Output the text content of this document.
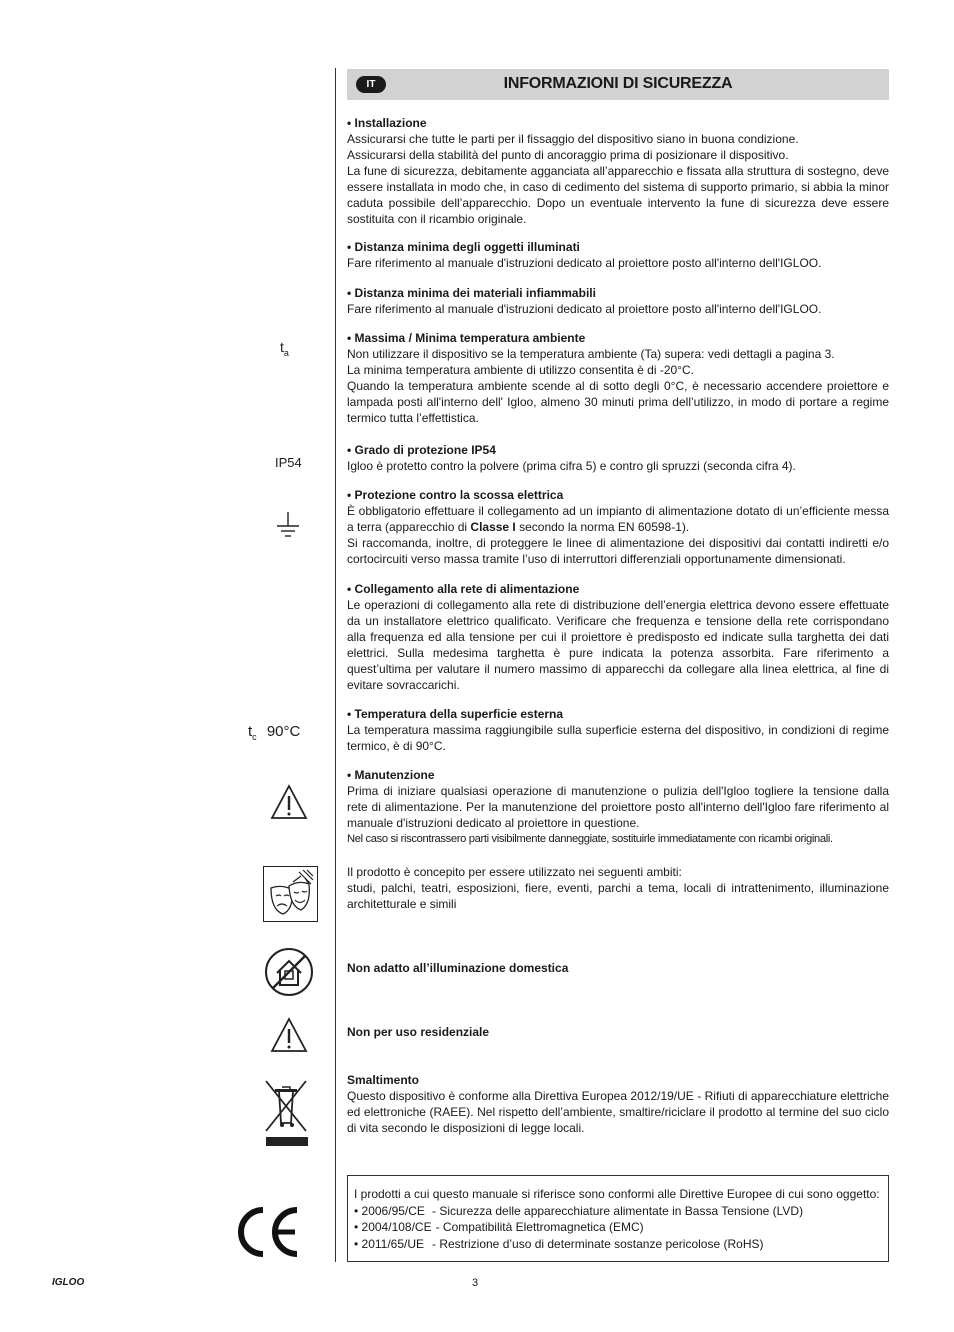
IT	INFORMAZIONI DI SICUREZZA
$t_a$
IP54
$t_c$ 90°C
• Installazione
Assicurarsi che tutte le parti per il fissaggio del dispositivo siano in buona condizione.
Assicurarsi della stabilità del punto di ancoraggio prima di posizionare il dispositivo.
La fune di sicurezza, debitamente agganciata all’apparecchio e fissata alla struttura di sostegno, deve essere installata in modo che, in caso di cedimento del sistema di supporto primario, si abbia la minor caduta possibile dell’apparecchio. Dopo un eventuale intervento la fune di sicurezza deve essere sostituita con il ricambio originale.
• Distanza minima degli oggetti illuminati
Fare riferimento al manuale d'istruzioni dedicato al proiettore posto all'interno dell'IGLOO.
• Distanza minima dei materiali infiammabili
Fare riferimento al manuale d'istruzioni dedicato al proiettore posto all'interno dell'IGLOO.
• Massima / Minima temperatura ambiente
Non utilizzare il dispositivo se la temperatura ambiente (Ta) supera: vedi dettagli a pagina 3.
La minima temperatura ambiente di utilizzo consentita è di -20°C.
Quando la temperatura ambiente scende al di sotto degli 0°C, è necessario accendere proiettore e lampada posti all'interno dell' Igloo, almeno 30 minuti prima dell’utilizzo, in modo di portare a regime termico tutta l’effettistica.
• Grado di protezione IP54
Igloo è protetto contro la polvere (prima cifra 5) e contro gli spruzzi (seconda cifra 4).
• Protezione contro la scossa elettrica
È obbligatorio effettuare il collegamento ad un impianto di alimentazione dotato di un’efficiente messa a terra (apparecchio di Classe I secondo la norma EN 60598-1).
Si raccomanda, inoltre, di proteggere le linee di alimentazione dei dispositivi dai contatti indiretti e/o cortocircuiti verso massa tramite l’uso di interruttori differenziali opportunamente dimensionati.
• Collegamento alla rete di alimentazione
Le operazioni di collegamento alla rete di distribuzione dell’energia elettrica devono essere effettuate da un installatore elettrico qualificato. Verificare che frequenza e tensione della rete corrispondano alla frequenza ed alla tensione per cui il proiettore è predisposto ed indicate sulla targhetta dei dati elettrici. Sulla medesima targhetta è pure indicata la potenza assorbita. Fare riferimento a quest’ultima per valutare il numero massimo di apparecchi da collegare alla linea elettrica, al fine di evitare sovraccarichi.
• Temperatura della superficie esterna
La temperatura massima raggiungibile sulla superficie esterna del dispositivo, in condizioni di regime termico, è di 90°C.
• Manutenzione
Prima di iniziare qualsiasi operazione di manutenzione o pulizia dell'Igloo togliere la tensione dalla rete di alimentazione. Per la manutenzione del proiettore posto all'interno dell'Igloo fare riferimento al manuale d'istruzioni dedicato al proiettore in questione.
Nel caso si riscontrassero parti visibilmente danneggiate, sostituirle immediatamente con ricambi originali.
Il prodotto è concepito per essere utilizzato nei seguenti ambiti:
studi, palchi, teatri, esposizioni, fiere, eventi, parchi a tema, locali di intrattenimento, illuminazione architetturale e simili
Non adatto all’illuminazione domestica
Non per uso residenziale
Smaltimento
Questo dispositivo è conforme alla Direttiva Europea 2012/19/UE - Rifiuti di apparecchiature elettriche ed elettroniche (RAEE). Nel rispetto dell’ambiente, smaltire/riciclare il prodotto al termine del suo ciclo di vita secondo le disposizioni di legge locali.
I prodotti a cui questo manuale si riferisce sono conformi alle Direttive Europee di cui sono oggetto:
• 2006/95/CE - Sicurezza delle apparecchiature alimentate in Bassa Tensione (LVD)
• 2004/108/CE - Compatibilità Elettromagnetica (EMC)
• 2011/65/UE - Restrizione d’uso di determinate sostanze pericolose (RoHS)
IGLOO	3
